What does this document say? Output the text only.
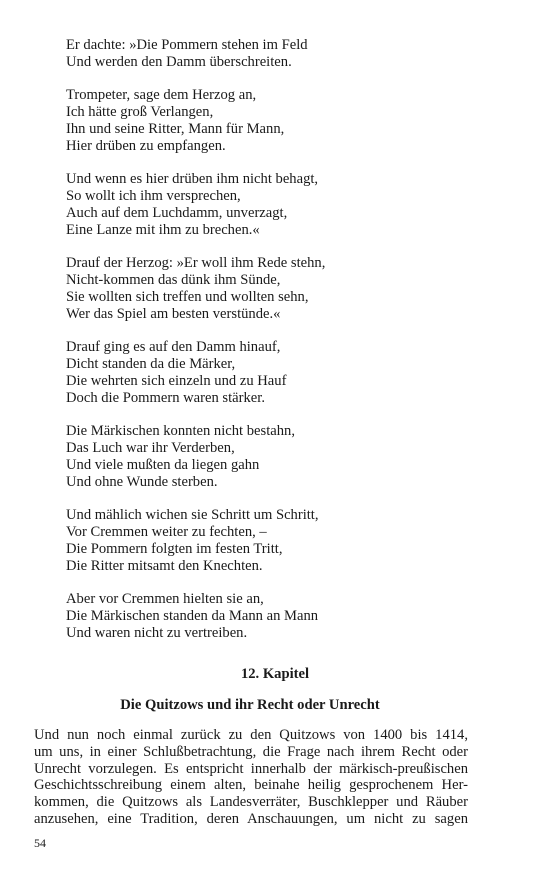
Er dachte: »Die Pommern stehen im Feld
Und werden den Damm überschreiten.
Trompeter, sage dem Herzog an,
Ich hätte groß Verlangen,
Ihn und seine Ritter, Mann für Mann,
Hier drüben zu empfangen.
Und wenn es hier drüben ihm nicht behagt,
So wollt ich ihm versprechen,
Auch auf dem Luchdamm, unverzagt,
Eine Lanze mit ihm zu brechen.«
Drauf der Herzog: »Er woll ihm Rede stehn,
Nicht-kommen das dünk ihm Sünde,
Sie wollten sich treffen und wollten sehn,
Wer das Spiel am besten verstünde.«
Drauf ging es auf den Damm hinauf,
Dicht standen da die Märker,
Die wehrten sich einzeln und zu Hauf
Doch die Pommern waren stärker.
Die Märkischen konnten nicht bestahn,
Das Luch war ihr Verderben,
Und viele mußten da liegen gahn
Und ohne Wunde sterben.
Und mählich wichen sie Schritt um Schritt,
Vor Cremmen weiter zu fechten, –
Die Pommern folgten im festen Tritt,
Die Ritter mitsamt den Knechten.
Aber vor Cremmen hielten sie an,
Die Märkischen standen da Mann an Mann
Und waren nicht zu vertreiben.
12. Kapitel
Die Quitzows und ihr Recht oder Unrecht
Und nun noch einmal zurück zu den Quitzows von 1400 bis 1414,
um uns, in einer Schlußbetrachtung, die Frage nach ihrem Recht oder
Unrecht vorzulegen. Es entspricht innerhalb der märkisch-preußischen
Geschichtsschreibung einem alten, beinahe heilig gesprochenem Her-
kommen, die Quitzows als Landesverräter, Buschklepper und Räuber
anzusehen, eine Tradition, deren Anschauungen, um nicht zu sagen

54
